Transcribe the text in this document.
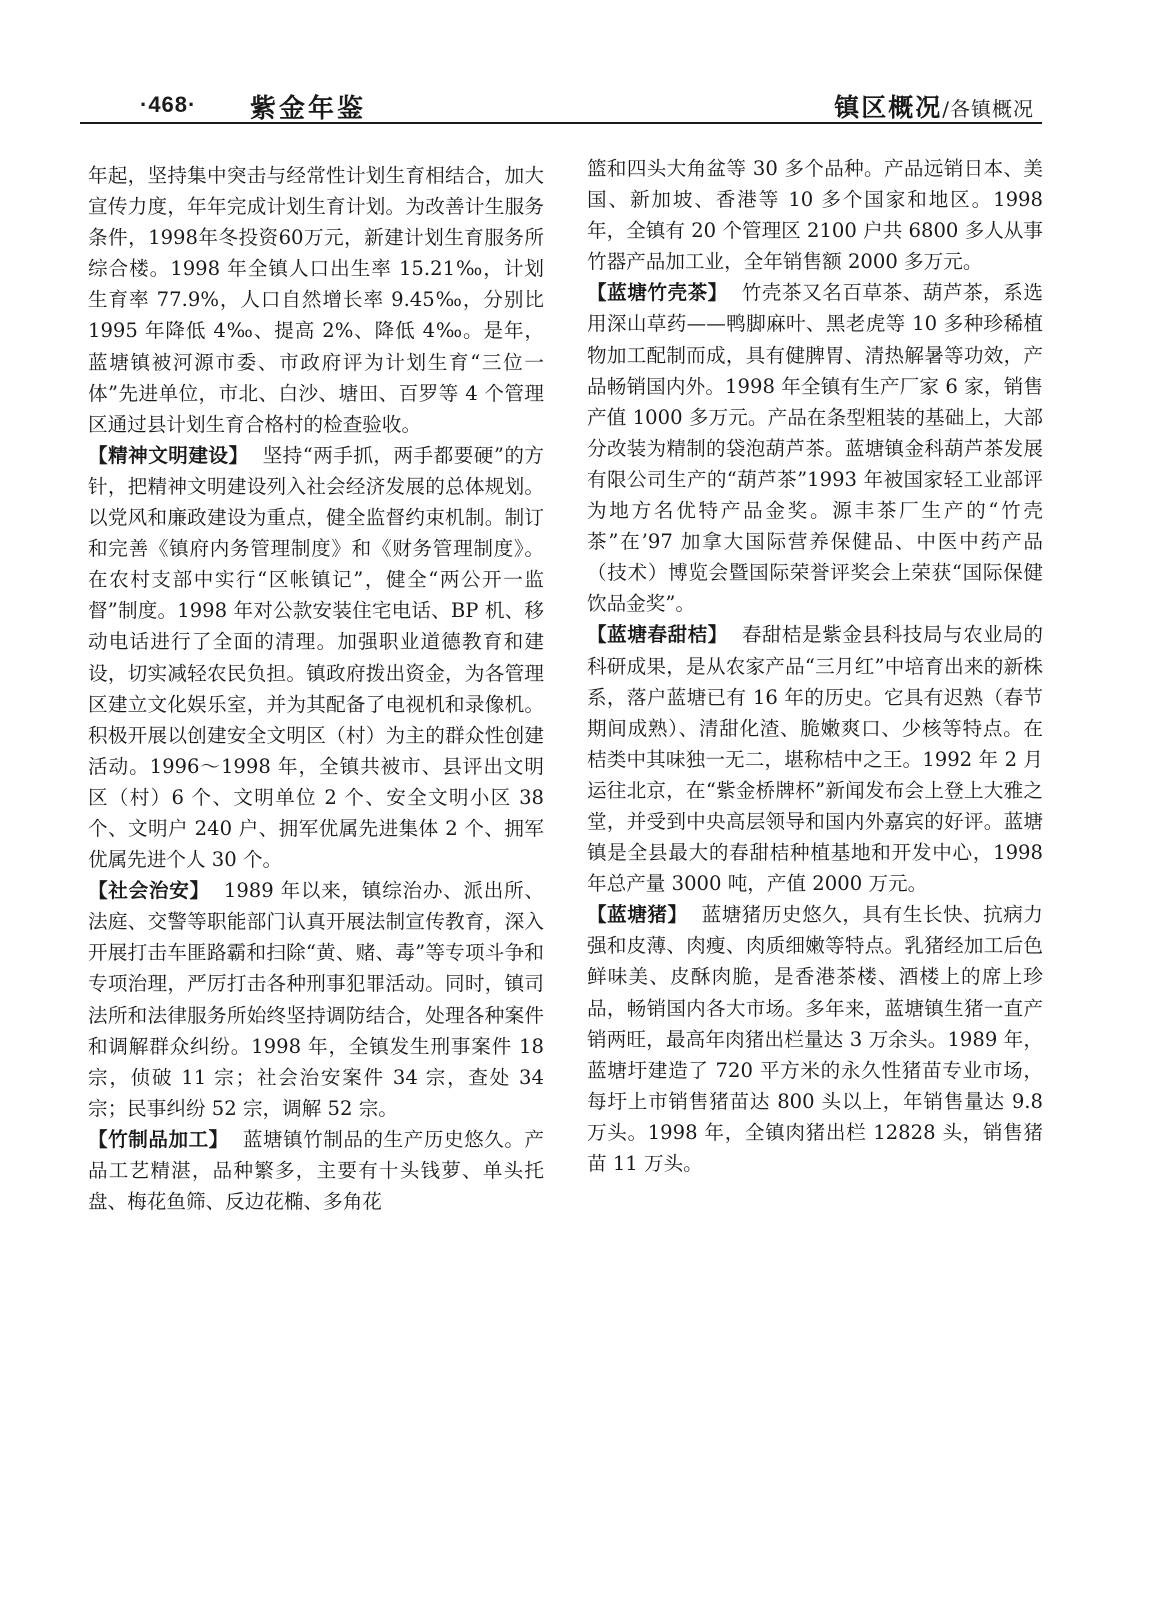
·468· 紫金年鉴	镇区概况/各镇概况

年起，坚持集中突击与经常性计划生育相结合，加大宣传力度，年年完成计划生育计划。为改善计生服务条件，1998年冬投资60万元，新建计划生育服务所综合楼。1998 年全镇人口出生率 15.21‰，计划生育率 77.9%，人口自然增长率 9.45‰，分别比 1995 年降低 4‰、提高 2%、降低 4‰。是年，蓝塘镇被河源市委、市政府评为计划生育“三位一体”先进单位，市北、白沙、塘田、百罗等 4 个管理区通过县计划生育合格村的检查验收。

【精神文明建设】 坚持“两手抓，两手都要硬”的方针，把精神文明建设列入社会经济发展的总体规划。以党风和廉政建设为重点，健全监督约束机制。制订和完善《镇府内务管理制度》和《财务管理制度》。在农村支部中实行“区帐镇记”，健全“两公开一监督”制度。1998 年对公款安装住宅电话、BP 机、移动电话进行了全面的清理。加强职业道德教育和建设，切实减轻农民负担。镇政府拨出资金，为各管理区建立文化娱乐室，并为其配备了电视机和录像机。积极开展以创建安全文明区（村）为主的群众性创建活动。1996～1998 年，全镇共被市、县评出文明区（村）6 个、文明单位 2 个、安全文明小区 38 个、文明户 240 户、拥军优属先进集体 2 个、拥军优属先进个人 30 个。

【社会治安】 1989 年以来，镇综治办、派出所、法庭、交警等职能部门认真开展法制宣传教育，深入开展打击车匪路霸和扫除“黄、赌、毒”等专项斗争和专项治理，严厉打击各种刑事犯罪活动。同时，镇司法所和法律服务所始终坚持调防结合，处理各种案件和调解群众纠纷。1998 年，全镇发生刑事案件 18 宗，侦破 11 宗；社会治安案件 34 宗，查处 34 宗；民事纠纷 52 宗，调解 52 宗。

【竹制品加工】 蓝塘镇竹制品的生产历史悠久。产品工艺精湛，品种繁多，主要有十头钱萝、单头托盘、梅花鱼筛、反边花椭、多角花

篮和四头大角盆等 30 多个品种。产品远销日本、美国、新加坡、香港等 10 多个国家和地区。1998 年，全镇有 20 个管理区 2100 户共 6800 多人从事竹器产品加工业，全年销售额 2000 多万元。

【蓝塘竹壳茶】 竹壳茶又名百草茶、葫芦茶，系选用深山草药——鸭脚麻叶、黑老虎等 10 多种珍稀植物加工配制而成，具有健脾胃、清热解暑等功效，产品畅销国内外。1998 年全镇有生产厂家 6 家，销售产值 1000 多万元。产品在条型粗装的基础上，大部分改装为精制的袋泡葫芦茶。蓝塘镇金科葫芦茶发展有限公司生产的“葫芦茶”1993 年被国家轻工业部评为地方名优特产品金奖。源丰茶厂生产的“竹壳茶”在’97 加拿大国际营养保健品、中医中药产品（技术）博览会暨国际荣誉评奖会上荣获“国际保健饮品金奖”。

【蓝塘春甜桔】 春甜桔是紫金县科技局与农业局的科研成果，是从农家产品“三月红”中培育出来的新株系，落户蓝塘已有 16 年的历史。它具有迟熟（春节期间成熟）、清甜化渣、脆嫩爽口、少核等特点。在桔类中其味独一无二，堪称桔中之王。1992 年 2 月运往北京，在“紫金桥牌杯”新闻发布会上登上大雅之堂，并受到中央高层领导和国内外嘉宾的好评。蓝塘镇是全县最大的春甜桔种植基地和开发中心，1998 年总产量 3000 吨，产值 2000 万元。

【蓝塘猪】 蓝塘猪历史悠久，具有生长快、抗病力强和皮薄、肉瘦、肉质细嫩等特点。乳猪经加工后色鲜味美、皮酥肉脆，是香港茶楼、酒楼上的席上珍品，畅销国内各大市场。多年来，蓝塘镇生猪一直产销两旺，最高年肉猪出栏量达 3 万余头。1989 年，蓝塘圩建造了 720 平方米的永久性猪苗专业市场，每圩上市销售猪苗达 800 头以上，年销售量达 9.8 万头。1998 年，全镇肉猪出栏 12828 头，销售猪苗 11 万头。
